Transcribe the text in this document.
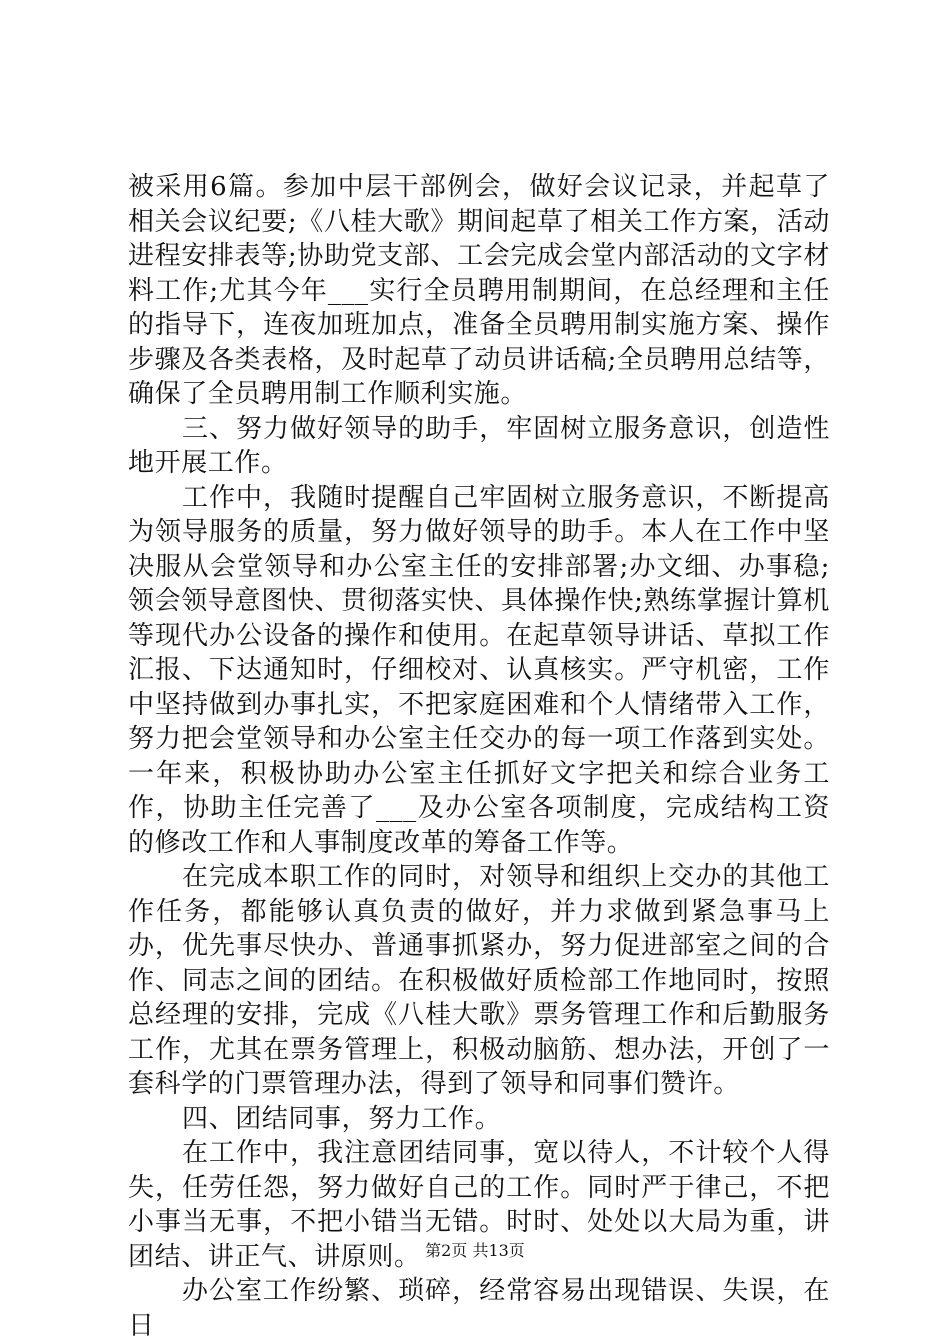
被采用6篇。参加中层干部例会，做好会议记录，并起草了相关会议纪要;《八桂大歌》期间起草了相关工作方案，活动进程安排表等;协助党支部、工会完成会堂内部活动的文字材料工作;尤其今年___实行全员聘用制期间，在总经理和主任的指导下，连夜加班加点，准备全员聘用制实施方案、操作步骤及各类表格，及时起草了动员讲话稿;全员聘用总结等，确保了全员聘用制工作顺利实施。

三、努力做好领导的助手，牢固树立服务意识，创造性地开展工作。

工作中，我随时提醒自己牢固树立服务意识，不断提高为领导服务的质量，努力做好领导的助手。本人在工作中坚决服从会堂领导和办公室主任的安排部署;办文细、办事稳;领会领导意图快、贯彻落实快、具体操作快;熟练掌握计算机等现代办公设备的操作和使用。在起草领导讲话、草拟工作汇报、下达通知时，仔细校对、认真核实。严守机密，工作中坚持做到办事扎实，不把家庭困难和个人情绪带入工作，努力把会堂领导和办公室主任交办的每一项工作落到实处。一年来，积极协助办公室主任抓好文字把关和综合业务工作，协助主任完善了___及办公室各项制度，完成结构工资的修改工作和人事制度改革的筹备工作等。

在完成本职工作的同时，对领导和组织上交办的其他工作任务，都能够认真负责的做好，并力求做到紧急事马上办，优先事尽快办、普通事抓紧办，努力促进部室之间的合作、同志之间的团结。在积极做好质检部工作地同时，按照总经理的安排，完成《八桂大歌》票务管理工作和后勤服务工作，尤其在票务管理上，积极动脑筋、想办法，开创了一套科学的门票管理办法，得到了领导和同事们赞许。

四、团结同事，努力工作。

在工作中，我注意团结同事，宽以待人，不计较个人得失，任劳任怨，努力做好自己的工作。同时严于律己，不把小事当无事，不把小错当无错。时时、处处以大局为重，讲团结、讲正气、讲原则。

办公室工作纷繁、琐碎，经常容易出现错误、失误，在日

第2页 共13页
